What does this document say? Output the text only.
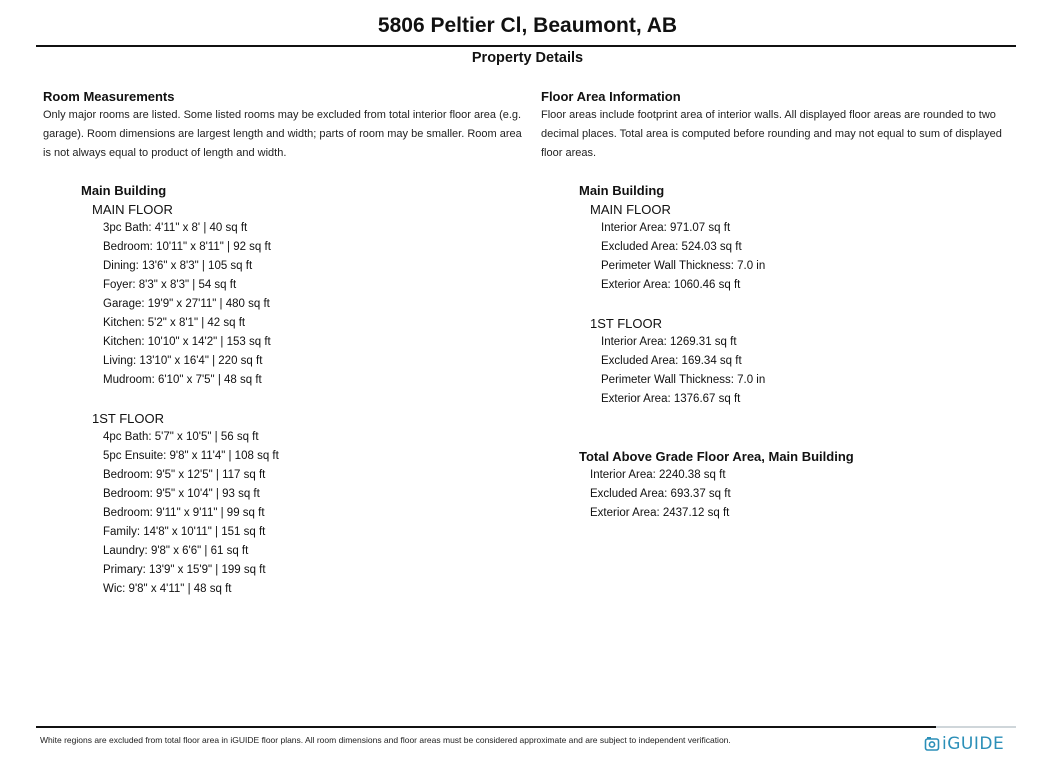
5806 Peltier Cl, Beaumont, AB
Property Details
Room Measurements
Only major rooms are listed. Some listed rooms may be excluded from total interior floor area (e.g. garage). Room dimensions are largest length and width; parts of room may be smaller. Room area is not always equal to product of length and width.
Main Building
MAIN FLOOR
3pc Bath: 4'11" x 8' | 40 sq ft
Bedroom: 10'11" x 8'11" | 92 sq ft
Dining: 13'6" x 8'3" | 105 sq ft
Foyer: 8'3" x 8'3" | 54 sq ft
Garage: 19'9" x 27'11" | 480 sq ft
Kitchen: 5'2" x 8'1" | 42 sq ft
Kitchen: 10'10" x 14'2" | 153 sq ft
Living: 13'10" x 16'4" | 220 sq ft
Mudroom: 6'10" x 7'5" | 48 sq ft
1ST FLOOR
4pc Bath: 5'7" x 10'5" | 56 sq ft
5pc Ensuite: 9'8" x 11'4" | 108 sq ft
Bedroom: 9'5" x 12'5" | 117 sq ft
Bedroom: 9'5" x 10'4" | 93 sq ft
Bedroom: 9'11" x 9'11" | 99 sq ft
Family: 14'8" x 10'11" | 151 sq ft
Laundry: 9'8" x 6'6" | 61 sq ft
Primary: 13'9" x 15'9" | 199 sq ft
Wic: 9'8" x 4'11" | 48 sq ft
Floor Area Information
Floor areas include footprint area of interior walls. All displayed floor areas are rounded to two decimal places. Total area is computed before rounding and may not equal to sum of displayed floor areas.
Main Building
MAIN FLOOR
Interior Area: 971.07 sq ft
Excluded Area: 524.03 sq ft
Perimeter Wall Thickness: 7.0 in
Exterior Area: 1060.46 sq ft
1ST FLOOR
Interior Area: 1269.31 sq ft
Excluded Area: 169.34 sq ft
Perimeter Wall Thickness: 7.0 in
Exterior Area: 1376.67 sq ft
Total Above Grade Floor Area, Main Building
Interior Area: 2240.38 sq ft
Excluded Area: 693.37 sq ft
Exterior Area: 2437.12 sq ft
White regions are excluded from total floor area in iGUIDE floor plans. All room dimensions and floor areas must be considered approximate and are subject to independent verification.	iGUIDE
